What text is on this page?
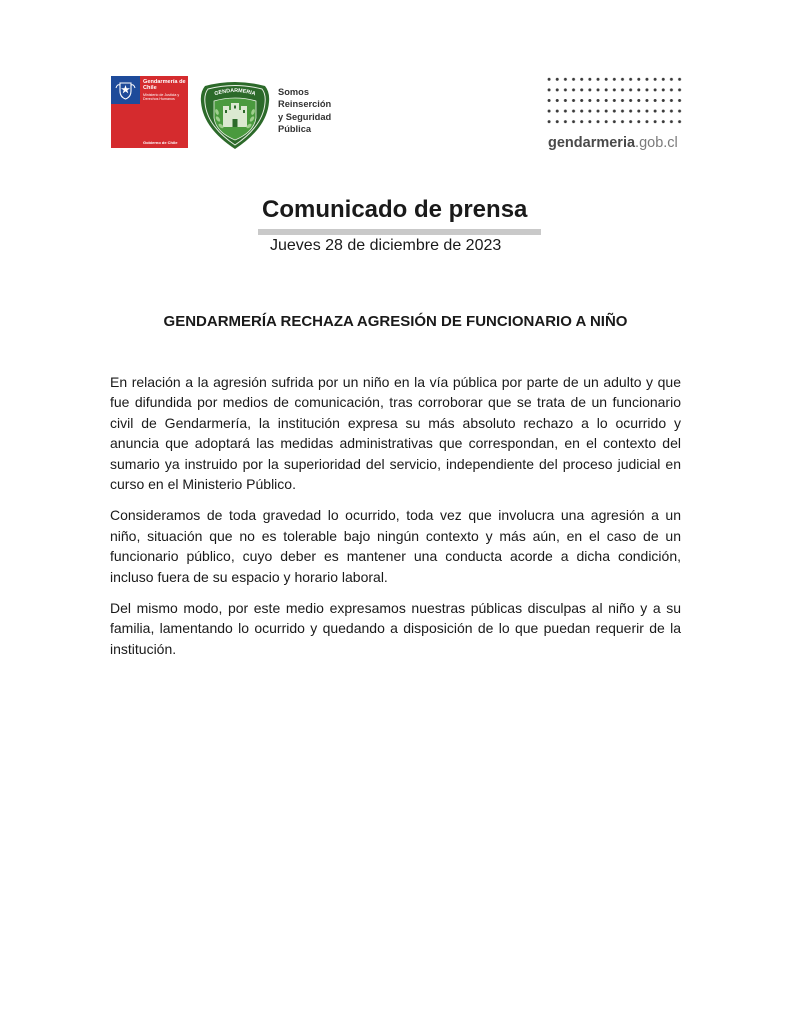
Gendarmería de Chile
Ministerio de Justicia y Derechos Humanos
Gobierno de Chile
GENDARMERIA Somos
Reinserción
y Seguridad
Pública
gendarmeria.gob.cl
Comunicado de prensa
Jueves 28 de diciembre de 2023
GENDARMERÍA RECHAZA AGRESIÓN DE FUNCIONARIO A NIÑO
En relación a la agresión sufrida por un niño en la vía pública por parte de un adulto y que
fue difundida por medios de comunicación, tras corroborar que se trata de un funcionario
civil de Gendarmería, la institución expresa su más absoluto rechazo a lo ocurrido y
anuncia que adoptará las medidas administrativas que correspondan, en el contexto del
sumario ya instruido por la superioridad del servicio, independiente del proceso judicial en
curso en el Ministerio Público.
Consideramos de toda gravedad lo ocurrido, toda vez que involucra una agresión a un
niño, situación que no es tolerable bajo ningún contexto y más aún, en el caso de un
funcionario público, cuyo deber es mantener una conducta acorde a dicha condición,
incluso fuera de su espacio y horario laboral.
Del mismo modo, por este medio expresamos nuestras públicas disculpas al niño y a su
familia, lamentando lo ocurrido y quedando a disposición de lo que puedan requerir de la
institución.
